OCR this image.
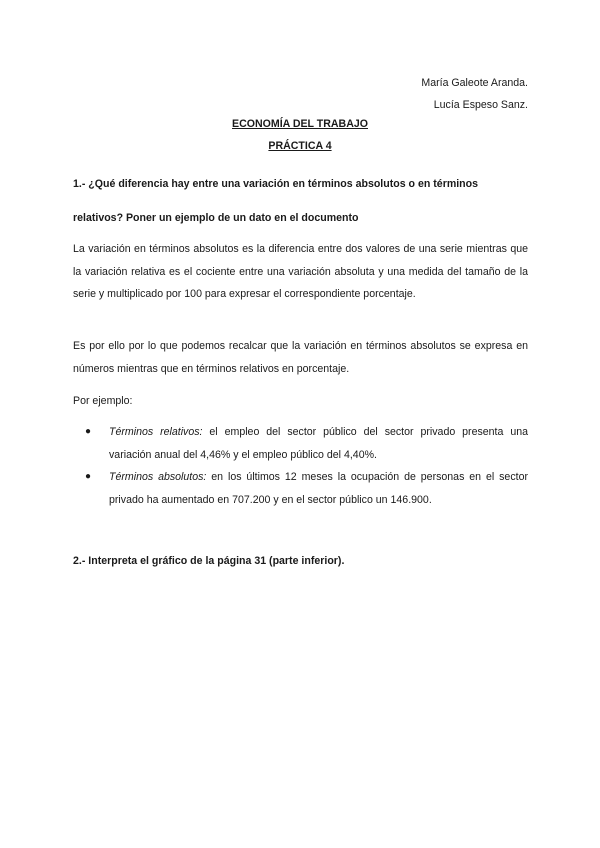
María Galeote Aranda.
Lucía Espeso Sanz.
ECONOMÍA DEL TRABAJO
PRÁCTICA 4
1.- ¿Qué diferencia hay entre una variación en términos absolutos o en términos
relativos? Poner un ejemplo de un dato en el documento
La variación en términos absolutos es la diferencia entre dos valores de una serie mientras que la variación relativa es el cociente entre una variación absoluta y una medida del tamaño de la serie y multiplicado por 100 para expresar el correspondiente porcentaje.
Es por ello por lo que podemos recalcar que la variación en términos absolutos se expresa en números mientras que en términos relativos en porcentaje.
Por ejemplo:
● Términos relativos: el empleo del sector público del sector privado presenta una variación anual del 4,46% y el empleo público del 4,40%.
● Términos absolutos: en los últimos 12 meses la ocupación de personas en el sector privado ha aumentado en 707.200 y en el sector público un 146.900.
2.- Interpreta el gráfico de la página 31 (parte inferior).
